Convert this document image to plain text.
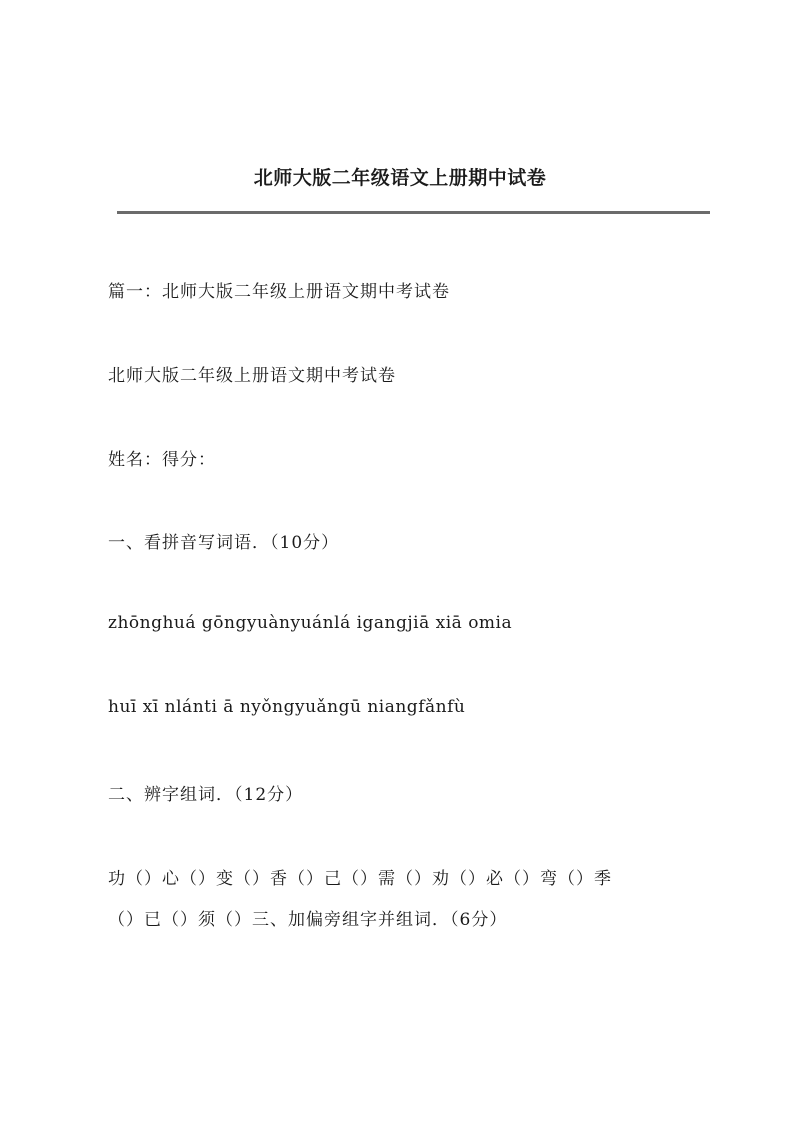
北师大版二年级语文上册期中试卷
篇一：北师大版二年级上册语文期中考试卷
北师大版二年级上册语文期中考试卷
姓名：得分：
一、看拼音写词语．（10分）
zhōnghuá gōngyuànyuánlá igangjiā xiā omia
huī xī nlánti ā nyǒngyuǎngū niangfǎnfù
二、辨字组词．（12分）
功（）心（）变（）香（）己（）需（）劝（）必（）弯（）季
（）已（）须（）三、加偏旁组字并组词．（6分）
